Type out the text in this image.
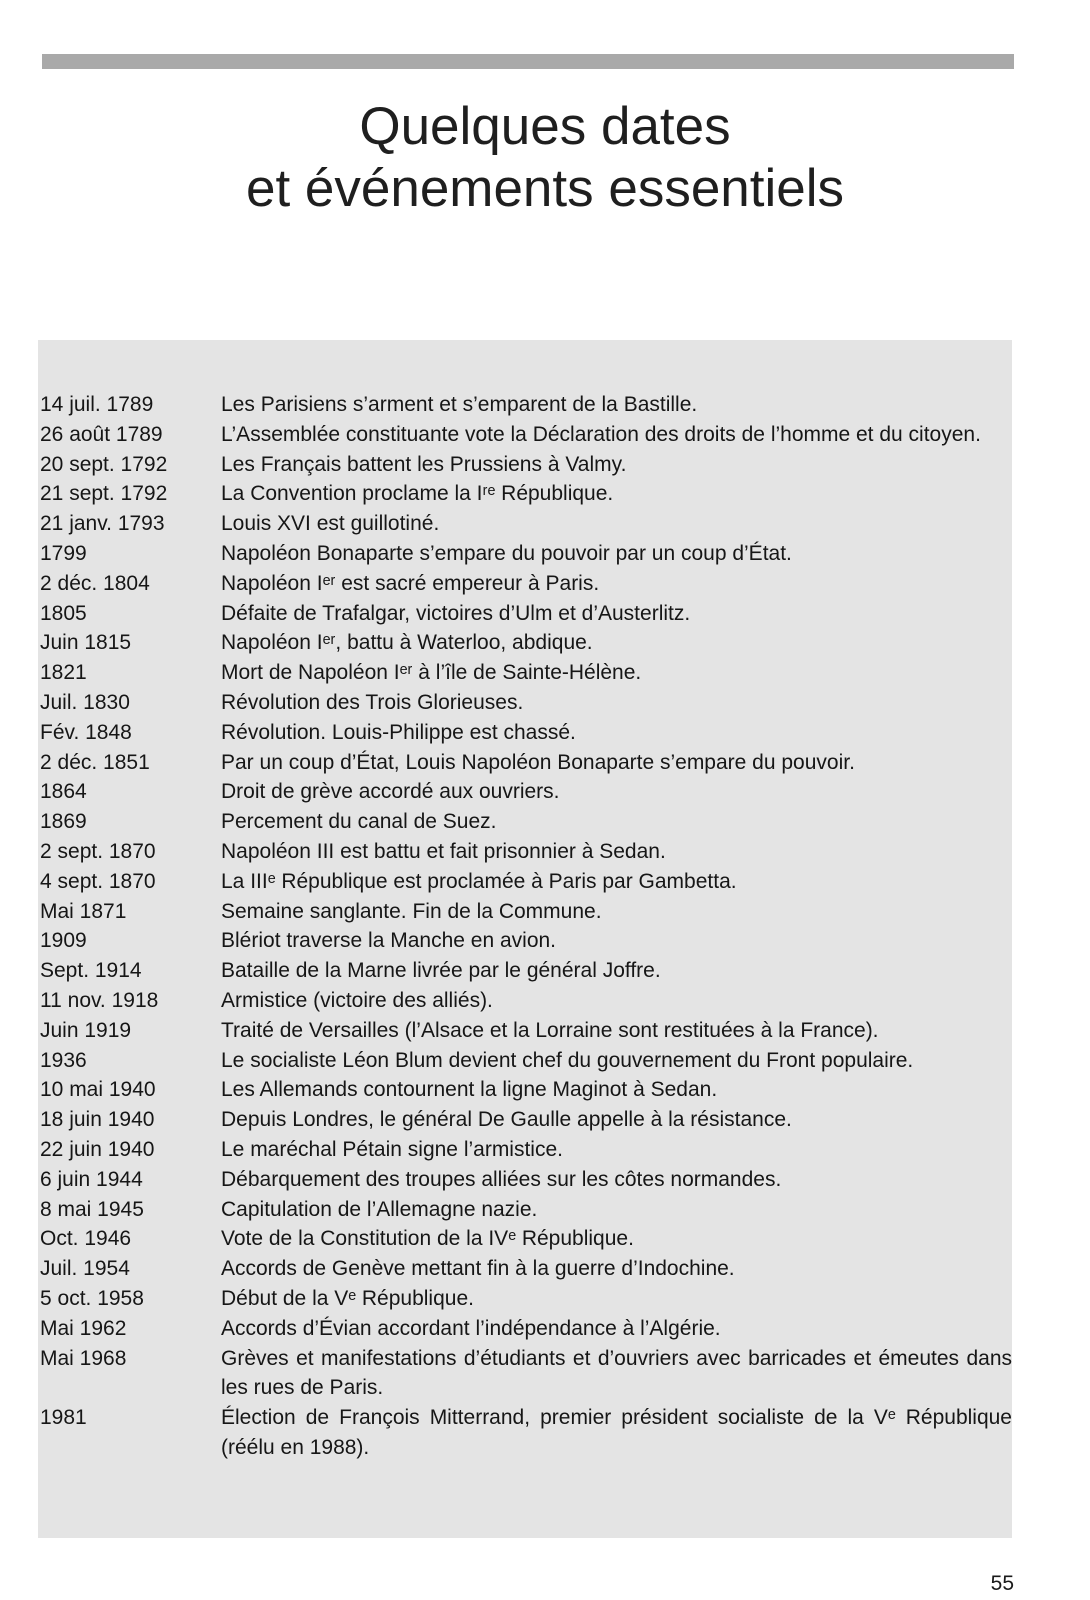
Quelques dates
et événements essentiels
14 juil. 1789	Les Parisiens s’arment et s’emparent de la Bastille.
26 août 1789	L’Assemblée constituante vote la Déclaration des droits de l’homme et du citoyen.
20 sept. 1792	Les Français battent les Prussiens à Valmy.
21 sept. 1792	La Convention proclame la Iʳᵉ République.
21 janv. 1793	Louis XVI est guillotiné.
1799	Napoléon Bonaparte s’empare du pouvoir par un coup d’État.
2 déc. 1804	Napoléon Iᵉʳ est sacré empereur à Paris.
1805	Défaite de Trafalgar, victoires d’Ulm et d’Austerlitz.
Juin 1815	Napoléon Iᵉʳ, battu à Waterloo, abdique.
1821	Mort de Napoléon Iᵉʳ à l’île de Sainte-Hélène.
Juil. 1830	Révolution des Trois Glorieuses.
Fév. 1848	Révolution. Louis-Philippe est chassé.
2 déc. 1851	Par un coup d’État, Louis Napoléon Bonaparte s’empare du pouvoir.
1864	Droit de grève accordé aux ouvriers.
1869	Percement du canal de Suez.
2 sept. 1870	Napoléon III est battu et fait prisonnier à Sedan.
4 sept. 1870	La IIIᵉ République est proclamée à Paris par Gambetta.
Mai 1871	Semaine sanglante. Fin de la Commune.
1909	Blériot traverse la Manche en avion.
Sept. 1914	Bataille de la Marne livrée par le général Joffre.
11 nov. 1918	Armistice (victoire des alliés).
Juin 1919	Traité de Versailles (l’Alsace et la Lorraine sont restituées à la France).
1936	Le socialiste Léon Blum devient chef du gouvernement du Front populaire.
10 mai 1940	Les Allemands contournent la ligne Maginot à Sedan.
18 juin 1940	Depuis Londres, le général De Gaulle appelle à la résistance.
22 juin 1940	Le maréchal Pétain signe l’armistice.
6 juin 1944	Débarquement des troupes alliées sur les côtes normandes.
8 mai 1945	Capitulation de l’Allemagne nazie.
Oct. 1946	Vote de la Constitution de la IVᵉ République.
Juil. 1954	Accords de Genève mettant fin à la guerre d’Indochine.
5 oct. 1958	Début de la Vᵉ République.
Mai 1962	Accords d’Évian accordant l’indépendance à l’Algérie.
Mai 1968	Grèves et manifestations d’étudiants et d’ouvriers avec barricades et émeutes dans les rues de Paris.
1981	Élection de François Mitterrand, premier président socialiste de la Vᵉ République (réélu en 1988).
55
